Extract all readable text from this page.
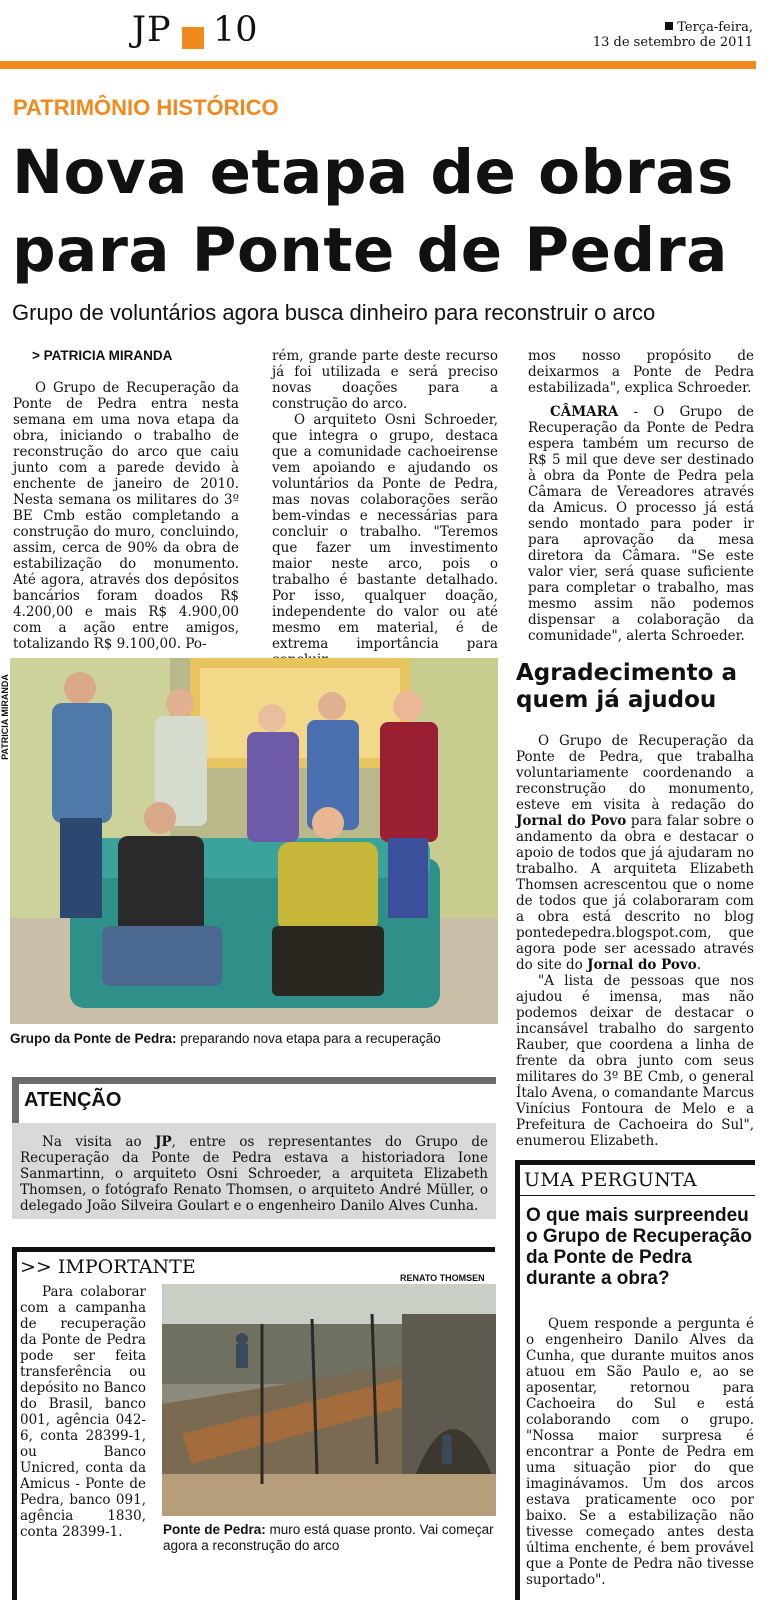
JP 10	Terça-feira,
13 de setembro de 2011
PATRIMÔNIO HISTÓRICO
Nova etapa de obras
para Ponte de Pedra
Grupo de voluntários agora busca dinheiro para reconstruir o arco
> PATRICIA MIRANDA

O Grupo de Recuperação da Ponte de Pedra entra nesta semana em uma nova etapa da obra, iniciando o trabalho de reconstrução do arco que caiu junto com a parede devido à enchente de janeiro de 2010. Nesta semana os militares do 3º BE Cmb estão completando a construção do muro, concluindo, assim, cerca de 90% da obra de estabilização do monumento. Até agora, através dos depósitos bancários foram doados R$ 4.200,00 e mais R$ 4.900,00 com a ação entre amigos, totalizando R$ 9.100,00. Po-

rém, grande parte deste recurso já foi utilizada e será preciso novas doações para a construção do arco.

O arquiteto Osni Schroeder, que integra o grupo, destaca que a comunidade cachoeirense vem apoiando e ajudando os voluntários da Ponte de Pedra, mas novas colaborações serão bem-vindas e necessárias para concluir o trabalho. "Teremos que fazer um investimento maior neste arco, pois o trabalho é bastante detalhado. Por isso, qualquer doação, independente do valor ou até mesmo em material, é de extrema importância para

mos nosso propósito de deixarmos a Ponte de Pedra estabilizada", explica Schroeder.

CÂMARA - O Grupo de Recuperação da Ponte de Pedra espera também um recurso de R$ 5 mil que deve ser destinado à obra da Ponte de Pedra pela Câmara de Vereadores através da Amicus. O processo já está sendo montado para poder ir para aprovação da mesa diretora da Câmara. "Se este valor vier, será quase suficiente para completar o trabalho, mas mesmo assim não podemos dispensar a colaboração da comunidade", alerta Schroeder.

PATRICIA MIRANDA
Grupo da Ponte de Pedra: preparando nova etapa para a recuperação
Agradecimento a quem já ajudou

O Grupo de Recuperação da Ponte de Pedra, que trabalha voluntariamente coordenando a reconstrução do monumento, esteve em visita à redação do Jornal do Povo para falar sobre o andamento da obra e destacar o apoio de todos que já ajudaram no trabalho. A arquiteta Elizabeth Thomsen acrescentou que o nome de todos que já colaboraram com a obra está descrito no blog pontedepedra.blogspot.com, que agora pode ser acessado através do site do Jornal do Povo.

"A lista de pessoas que nos ajudou é imensa, mas não podemos deixar de destacar o incansável trabalho do sargento Rauber, que coordena a linha de frente da obra junto com seus militares do 3º BE Cmb, o general Ítalo Avena, o comandante Marcus Vinícius Fontoura de Melo e a Prefeitura de Cachoeira do Sul", enumerou Elizabeth.

ATENÇÃO

Na visita ao JP, entre os representantes do Grupo de Recuperação da Ponte de Pedra estava a historiadora Ione Sanmartinn, o arquiteto Osni Schroeder, a arquiteta Elizabeth Thomsen, o fotógrafo Renato Thomsen, o arquiteto André Müller, o delegado João Silveira Goulart e o engenheiro Danilo Alves Cunha.

UMA PERGUNTA
O que mais surpreendeu o Grupo de Recuperação da Ponte de Pedra durante a obra?

Quem responde a pergunta é o engenheiro Danilo Alves da Cunha, que durante muitos anos atuou em São Paulo e, ao se aposentar, retornou para Cachoeira do Sul e está colaborando com o grupo. "Nossa maior surpresa é encontrar a Ponte de Pedra em uma situação pior do que imaginávamos. Um dos arcos estava praticamente oco por baixo. Se a estabilização não tivesse começado antes desta última enchente, é bem provável que a Ponte de Pedra não tivesse suportado".

>> IMPORTANTE

Para colaborar com a campanha de recuperação da Ponte de Pedra pode ser feita transferência ou depósito no Banco do Brasil, banco 001, agência 042-6, conta 28399-1, ou Banco Unicred, conta da Amicus - Ponte de Pedra, banco 091, agência 1830, conta 28399-1.

RENATO THOMSEN
Ponte de Pedra: muro está quase pronto. Vai começar agora a reconstrução do arco
